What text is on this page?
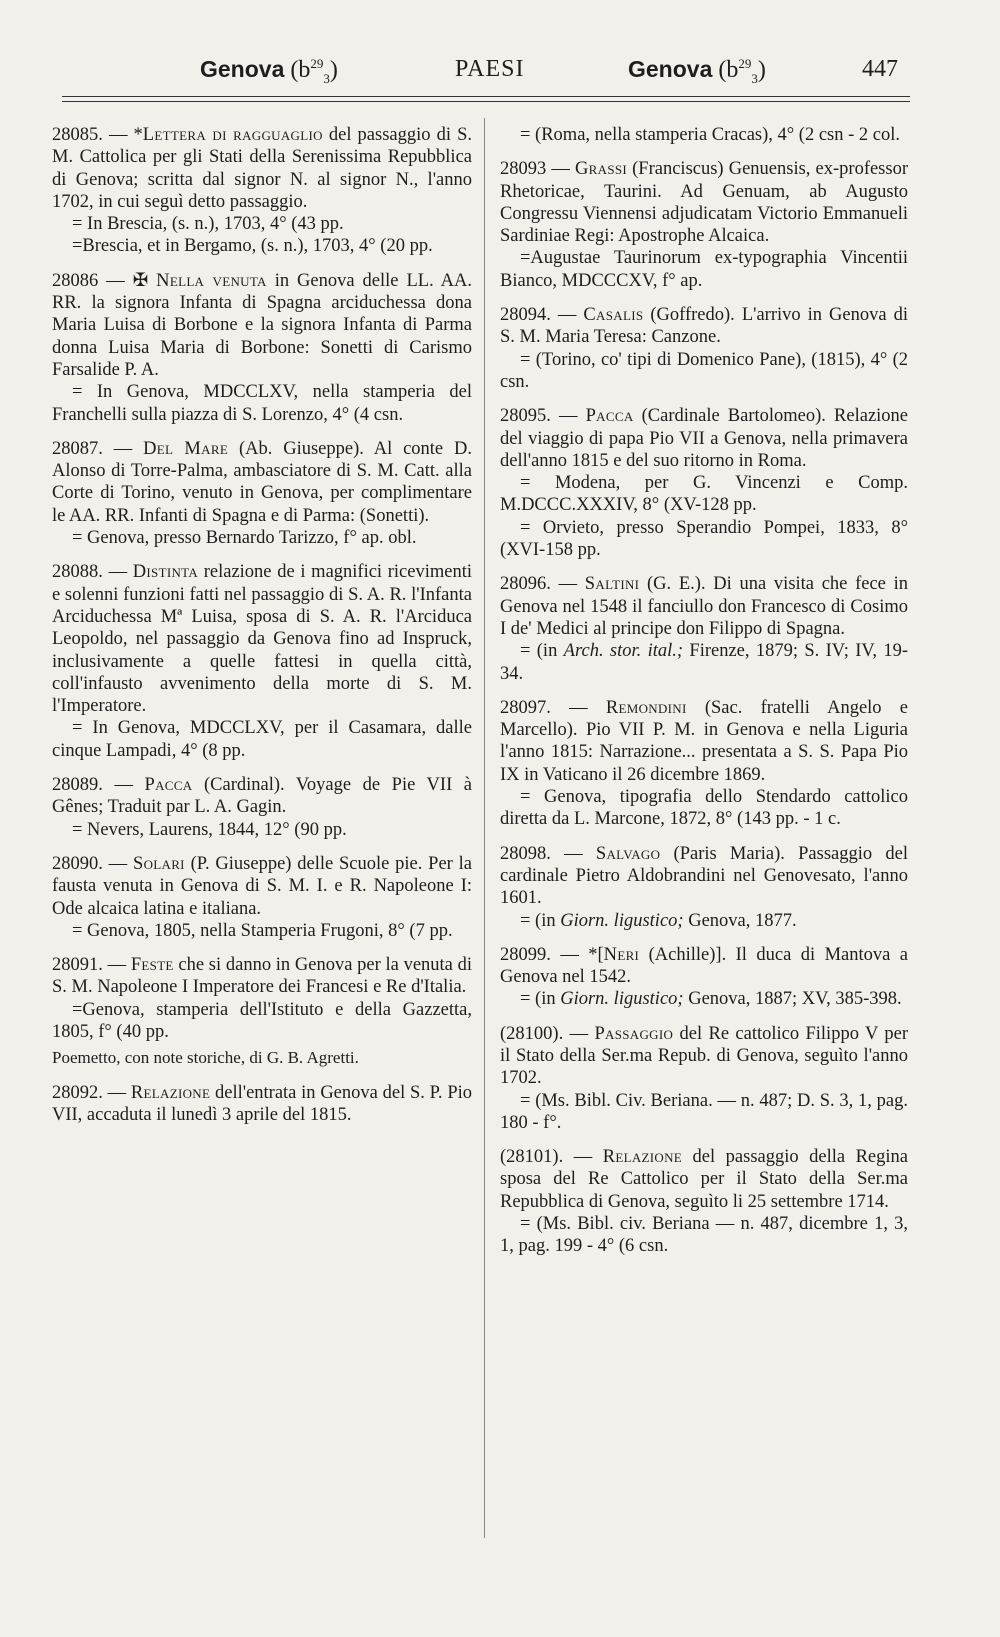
Genova $(b^{29}_3)$	PAESI	Genova $(b^{29}_3)$	447

28085. — *Lettera di ragguaglio del passaggio di S. M. Cattolica per gli Stati della Serenissima Repubblica di Genova; scritta dal signor N. al signor N., l'anno 1702, in cui seguì detto passaggio.

= In Brescia, (s. n.), 1703, 4° (43 pp.

=Brescia, et in Bergamo, (s. n.), 1703, 4° (20 pp.

28086 — ✠ Nella venuta in Genova delle LL. AA. RR. la signora Infanta di Spagna arciduchessa dona Maria Luisa di Borbone e la signora Infanta di Parma donna Luisa Maria di Borbone: Sonetti di Carismo Farsalide P. A.

= In Genova, MDCCLXV, nella stamperia del Franchelli sulla piazza di S. Lorenzo, 4° (4 csn.

28087. — Del Mare (Ab. Giuseppe). Al conte D. Alonso di Torre-Palma, ambasciatore di S. M. Catt. alla Corte di Torino, venuto in Genova, per complimentare le AA. RR. Infanti di Spagna e di Parma: (Sonetti).

= Genova, presso Bernardo Tarizzo, f° ap. obl.

28088. — Distinta relazione de i magnifici ricevimenti e solenni funzioni fatti nel passaggio di S. A. R. l'Infanta Arciduchessa Mª Luisa, sposa di S. A. R. l'Arciduca Leopoldo, nel passaggio da Genova fino ad Inspruck, inclusivamente a quelle fattesi in quella città, coll'infausto avvenimento della morte di S. M. l'Imperatore.

= In Genova, MDCCLXV, per il Casamara, dalle cinque Lampadi, 4° (8 pp.

28089. — Pacca (Cardinal). Voyage de Pie VII à Gênes; Traduit par L. A. Gagin.

= Nevers, Laurens, 1844, 12° (90 pp.

28090. — Solari (P. Giuseppe) delle Scuole pie. Per la fausta venuta in Genova di S. M. I. e R. Napoleone I: Ode alcaica latina e italiana.

= Genova, 1805, nella Stamperia Frugoni, 8° (7 pp.

28091. — Feste che si danno in Genova per la venuta di S. M. Napoleone I Imperatore dei Francesi e Re d'Italia.

=Genova, stamperia dell'Istituto e della Gazzetta, 1805, f° (40 pp.

Poemetto, con note storiche, di G. B. Agretti.

28092. — Relazione dell'entrata in Genova del S. P. Pio VII, accaduta il lunedì 3 aprile del 1815.

= (Roma, nella stamperia Cracas), 4° (2 csn - 2 col.

28093 — Grassi (Franciscus) Genuensis, ex-professor Rhetoricae, Taurini. Ad Genuam, ab Augusto Congressu Viennensi adjudicatam Victorio Emmanueli Sardiniae Regi: Apostrophe Alcaica.

=Augustae Taurinorum ex-typographia Vincentii Bianco, MDCCCXV, f° ap.

28094. — Casalis (Goffredo). L'arrivo in Genova di S. M. Maria Teresa: Canzone.

= (Torino, co' tipi di Domenico Pane), (1815), 4° (2 csn.

28095. — Pacca (Cardinale Bartolomeo). Relazione del viaggio di papa Pio VII a Genova, nella primavera dell'anno 1815 e del suo ritorno in Roma.

= Modena, per G. Vincenzi e Comp. M.DCCC.XXXIV, 8° (XV-128 pp.

= Orvieto, presso Sperandio Pompei, 1833, 8° (XVI-158 pp.

28096. — Saltini (G. E.). Di una visita che fece in Genova nel 1548 il fanciullo don Francesco di Cosimo I de' Medici al principe don Filippo di Spagna.

= (in Arch. stor. ital.; Firenze, 1879; S. IV; IV, 19-34.

28097. — Remondini (Sac. fratelli Angelo e Marcello). Pio VII P. M. in Genova e nella Liguria l'anno 1815: Narrazione... presentata a S. S. Papa Pio IX in Vaticano il 26 dicembre 1869.

= Genova, tipografia dello Stendardo cattolico diretta da L. Marcone, 1872, 8° (143 pp. - 1 c.

28098. — Salvago (Paris Maria). Passaggio del cardinale Pietro Aldobrandini nel Genovesato, l'anno 1601.

= (in Giorn. ligustico; Genova, 1877.

28099. — *[Neri (Achille)]. Il duca di Mantova a Genova nel 1542.

= (in Giorn. ligustico; Genova, 1887; XV, 385-398.

(28100). — Passaggio del Re cattolico Filippo V per il Stato della Ser.ma Repub. di Genova, seguìto l'anno 1702.

= (Ms. Bibl. Civ. Beriana. — n. 487; D. S. 3, 1, pag. 180 - f°.

(28101). — Relazione del passaggio della Regina sposa del Re Cattolico per il Stato della Ser.ma Repubblica di Genova, seguìto li 25 settembre 1714.

= (Ms. Bibl. civ. Beriana — n. 487, dicembre 1, 3, 1, pag. 199 - 4° (6 csn.
